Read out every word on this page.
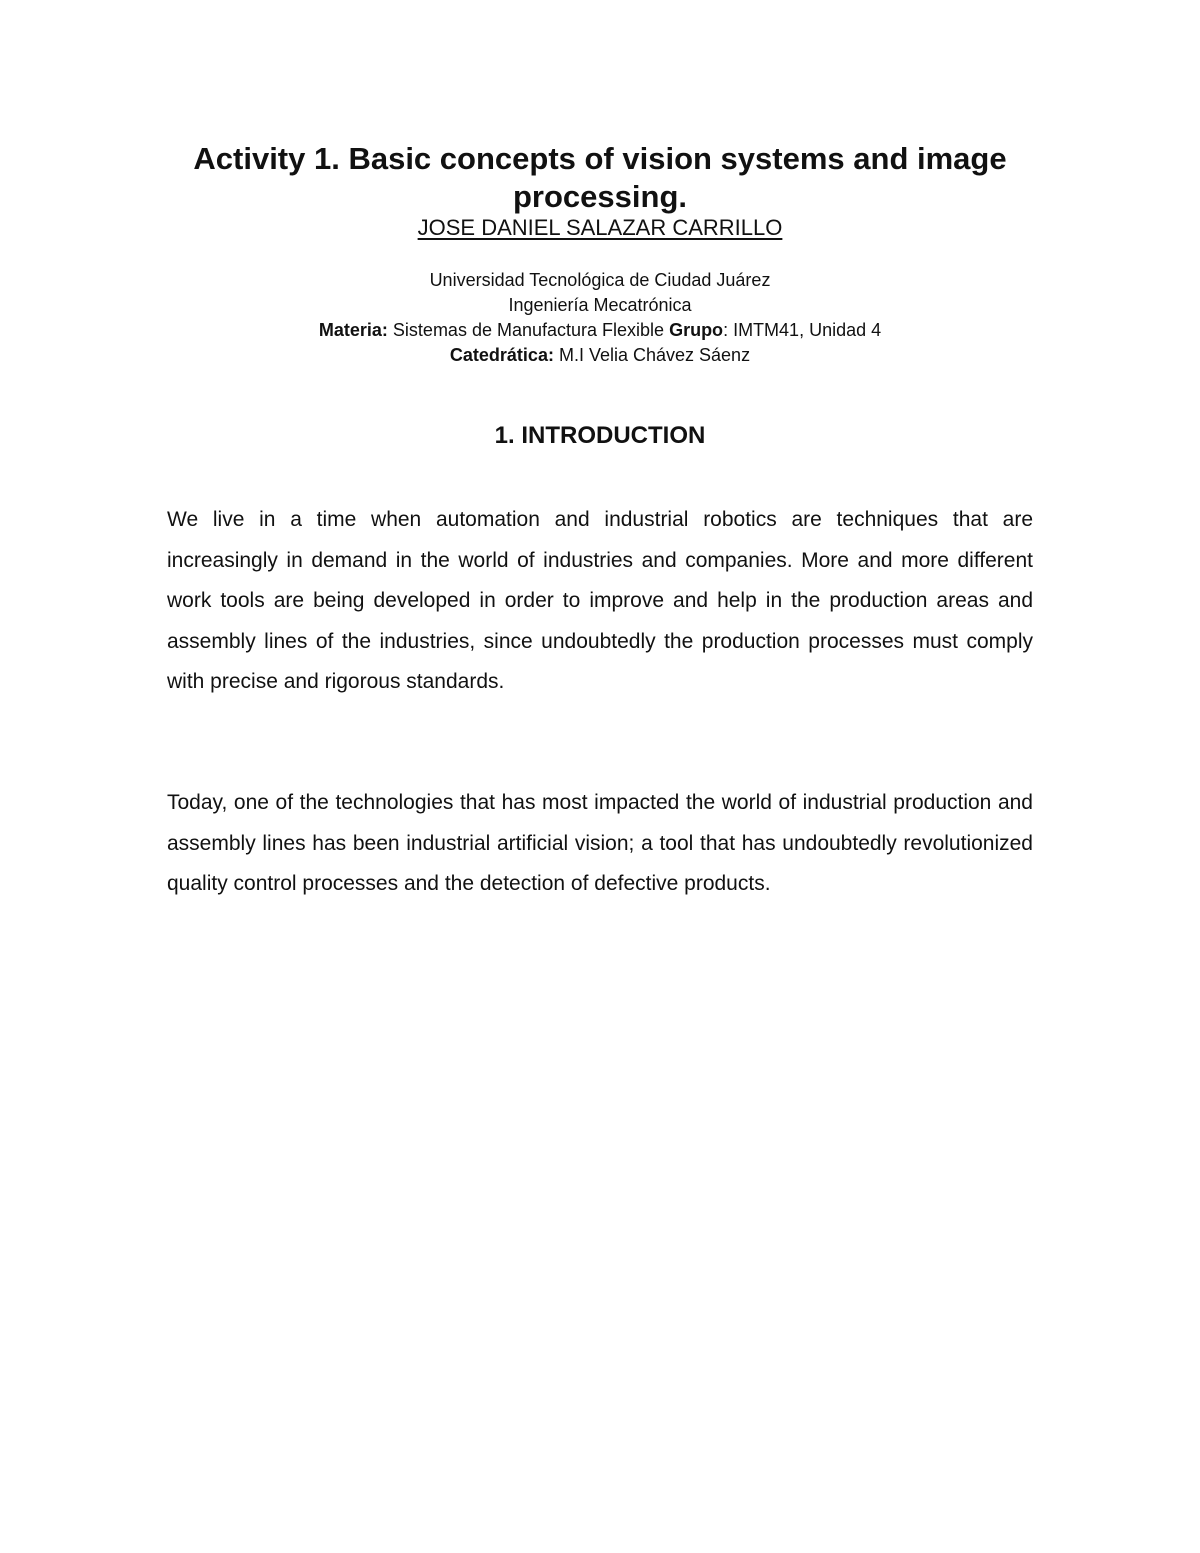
Activity 1. Basic concepts of vision systems and image processing.
JOSE DANIEL SALAZAR CARRILLO
Universidad Tecnológica de Ciudad Juárez
Ingeniería Mecatrónica
Materia: Sistemas de Manufactura Flexible Grupo: IMTM41, Unidad 4
Catedrática: M.I Velia Chávez Sáenz
1. INTRODUCTION

We live in a time when automation and industrial robotics are techniques that are increasingly in demand in the world of industries and companies. More and more different work tools are being developed in order to improve and help in the production areas and assembly lines of the industries, since undoubtedly the production processes must comply with precise and rigorous standards.

Today, one of the technologies that has most impacted the world of industrial production and assembly lines has been industrial artificial vision; a tool that has undoubtedly revolutionized quality control processes and the detection of defective products.
